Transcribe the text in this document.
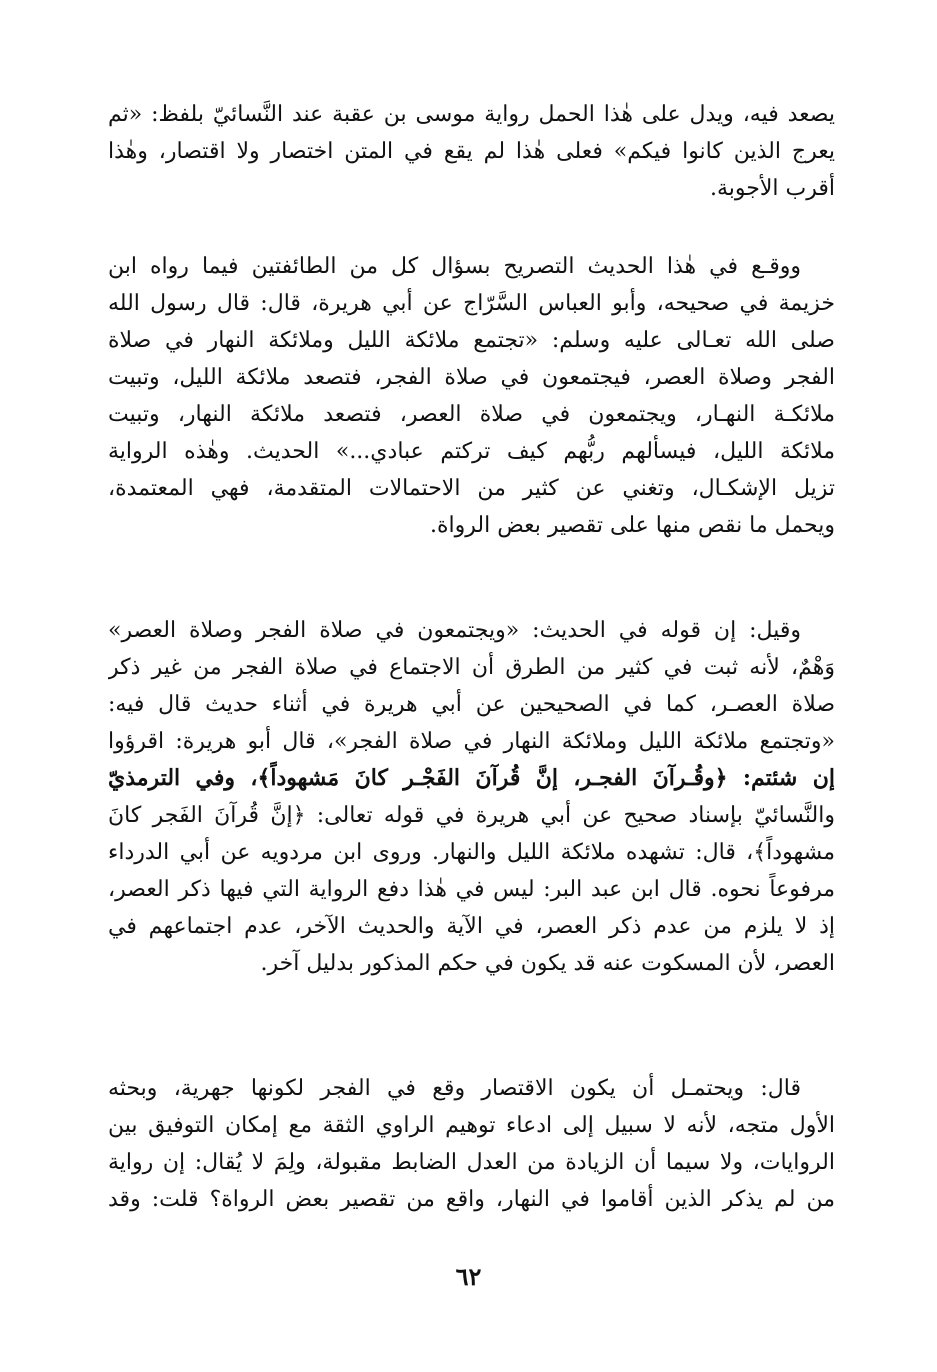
يصعد فيه، ويدل على هٰذا الحمل رواية موسى بن عقبة عند النَّسائيّ بلفظ: «ثم
يعرج الذين كانوا فيكم» فعلى هٰذا لم يقع في المتن اختصار ولا اقتصار، وهٰذا
أقرب الأجوبة.
ووقـع في هٰذا الحديث التصريح بسؤال كل من الطائفتين فيما رواه ابن
خزيمة في صحيحه، وأبو العباس السَّرّاج عن أبي هريرة، قال: قال رسول الله
صلى الله تعـالى عليه وسلم: «تجتمع ملائكة الليل وملائكة النهار في صلاة
الفجر وصلاة العصر، فيجتمعون في صلاة الفجر، فتصعد ملائكة الليل، وتبيت
ملائكـة النهـار، ويجتمعون في صلاة العصر، فتصعد ملائكة النهار، وتبيت
ملائكة الليل، فيسألهم ربُّهم كيف تركتم عبادي...» الحديث. وهٰذه الرواية
تزيل الإشكـال، وتغني عن كثير من الاحتمالات المتقدمة، فهي المعتمدة،
ويحمل ما نقص منها على تقصير بعض الرواة.
وقيل: إن قوله في الحديث: «ويجتمعون في صلاة الفجر وصلاة العصر»
وَهْمٌ، لأنه ثبت في كثير من الطرق أن الاجتماع في صلاة الفجر من غير ذكر
صلاة العصـر، كما في الصحيحين عن أبي هريرة في أثناء حديث قال فيه:
«وتجتمع ملائكة الليل وملائكة النهار في صلاة الفجر»، قال أبو هريرة: اقرؤوا
إن شئتم: ﴿وقُـرآنَ الفجـر، إنَّ قُرآنَ الفَجْـر كانَ مَشهوداً﴾، وفي الترمذيّ
والنَّسائيّ بإسناد صحيح عن أبي هريرة في قوله تعالى: ﴿إنَّ قُرآنَ الفَجر كانَ
مشهوداً﴾، قال: تشهده ملائكة الليل والنهار. وروى ابن مردويه عن أبي الدرداء
مرفوعاً نحوه. قال ابن عبد البر: ليس في هٰذا دفع الرواية التي فيها ذكر العصر،
إذ لا يلزم من عدم ذكر العصر، في الآية والحديث الآخر، عدم اجتماعهم في
العصر، لأن المسكوت عنه قد يكون في حكم المذكور بدليل آخر.
قال: ويحتمـل أن يكون الاقتصار وقع في الفجر لكونها جهرية، وبحثه
الأول متجه، لأنه لا سبيل إلى ادعاء توهيم الراوي الثقة مع إمكان التوفيق بين
الروايات، ولا سيما أن الزيادة من العدل الضابط مقبولة، ولِمَ لا يُقال: إن رواية
من لم يذكر الذين أقاموا في النهار، واقع من تقصير بعض الرواة؟ قلت: وقد
٦٢
